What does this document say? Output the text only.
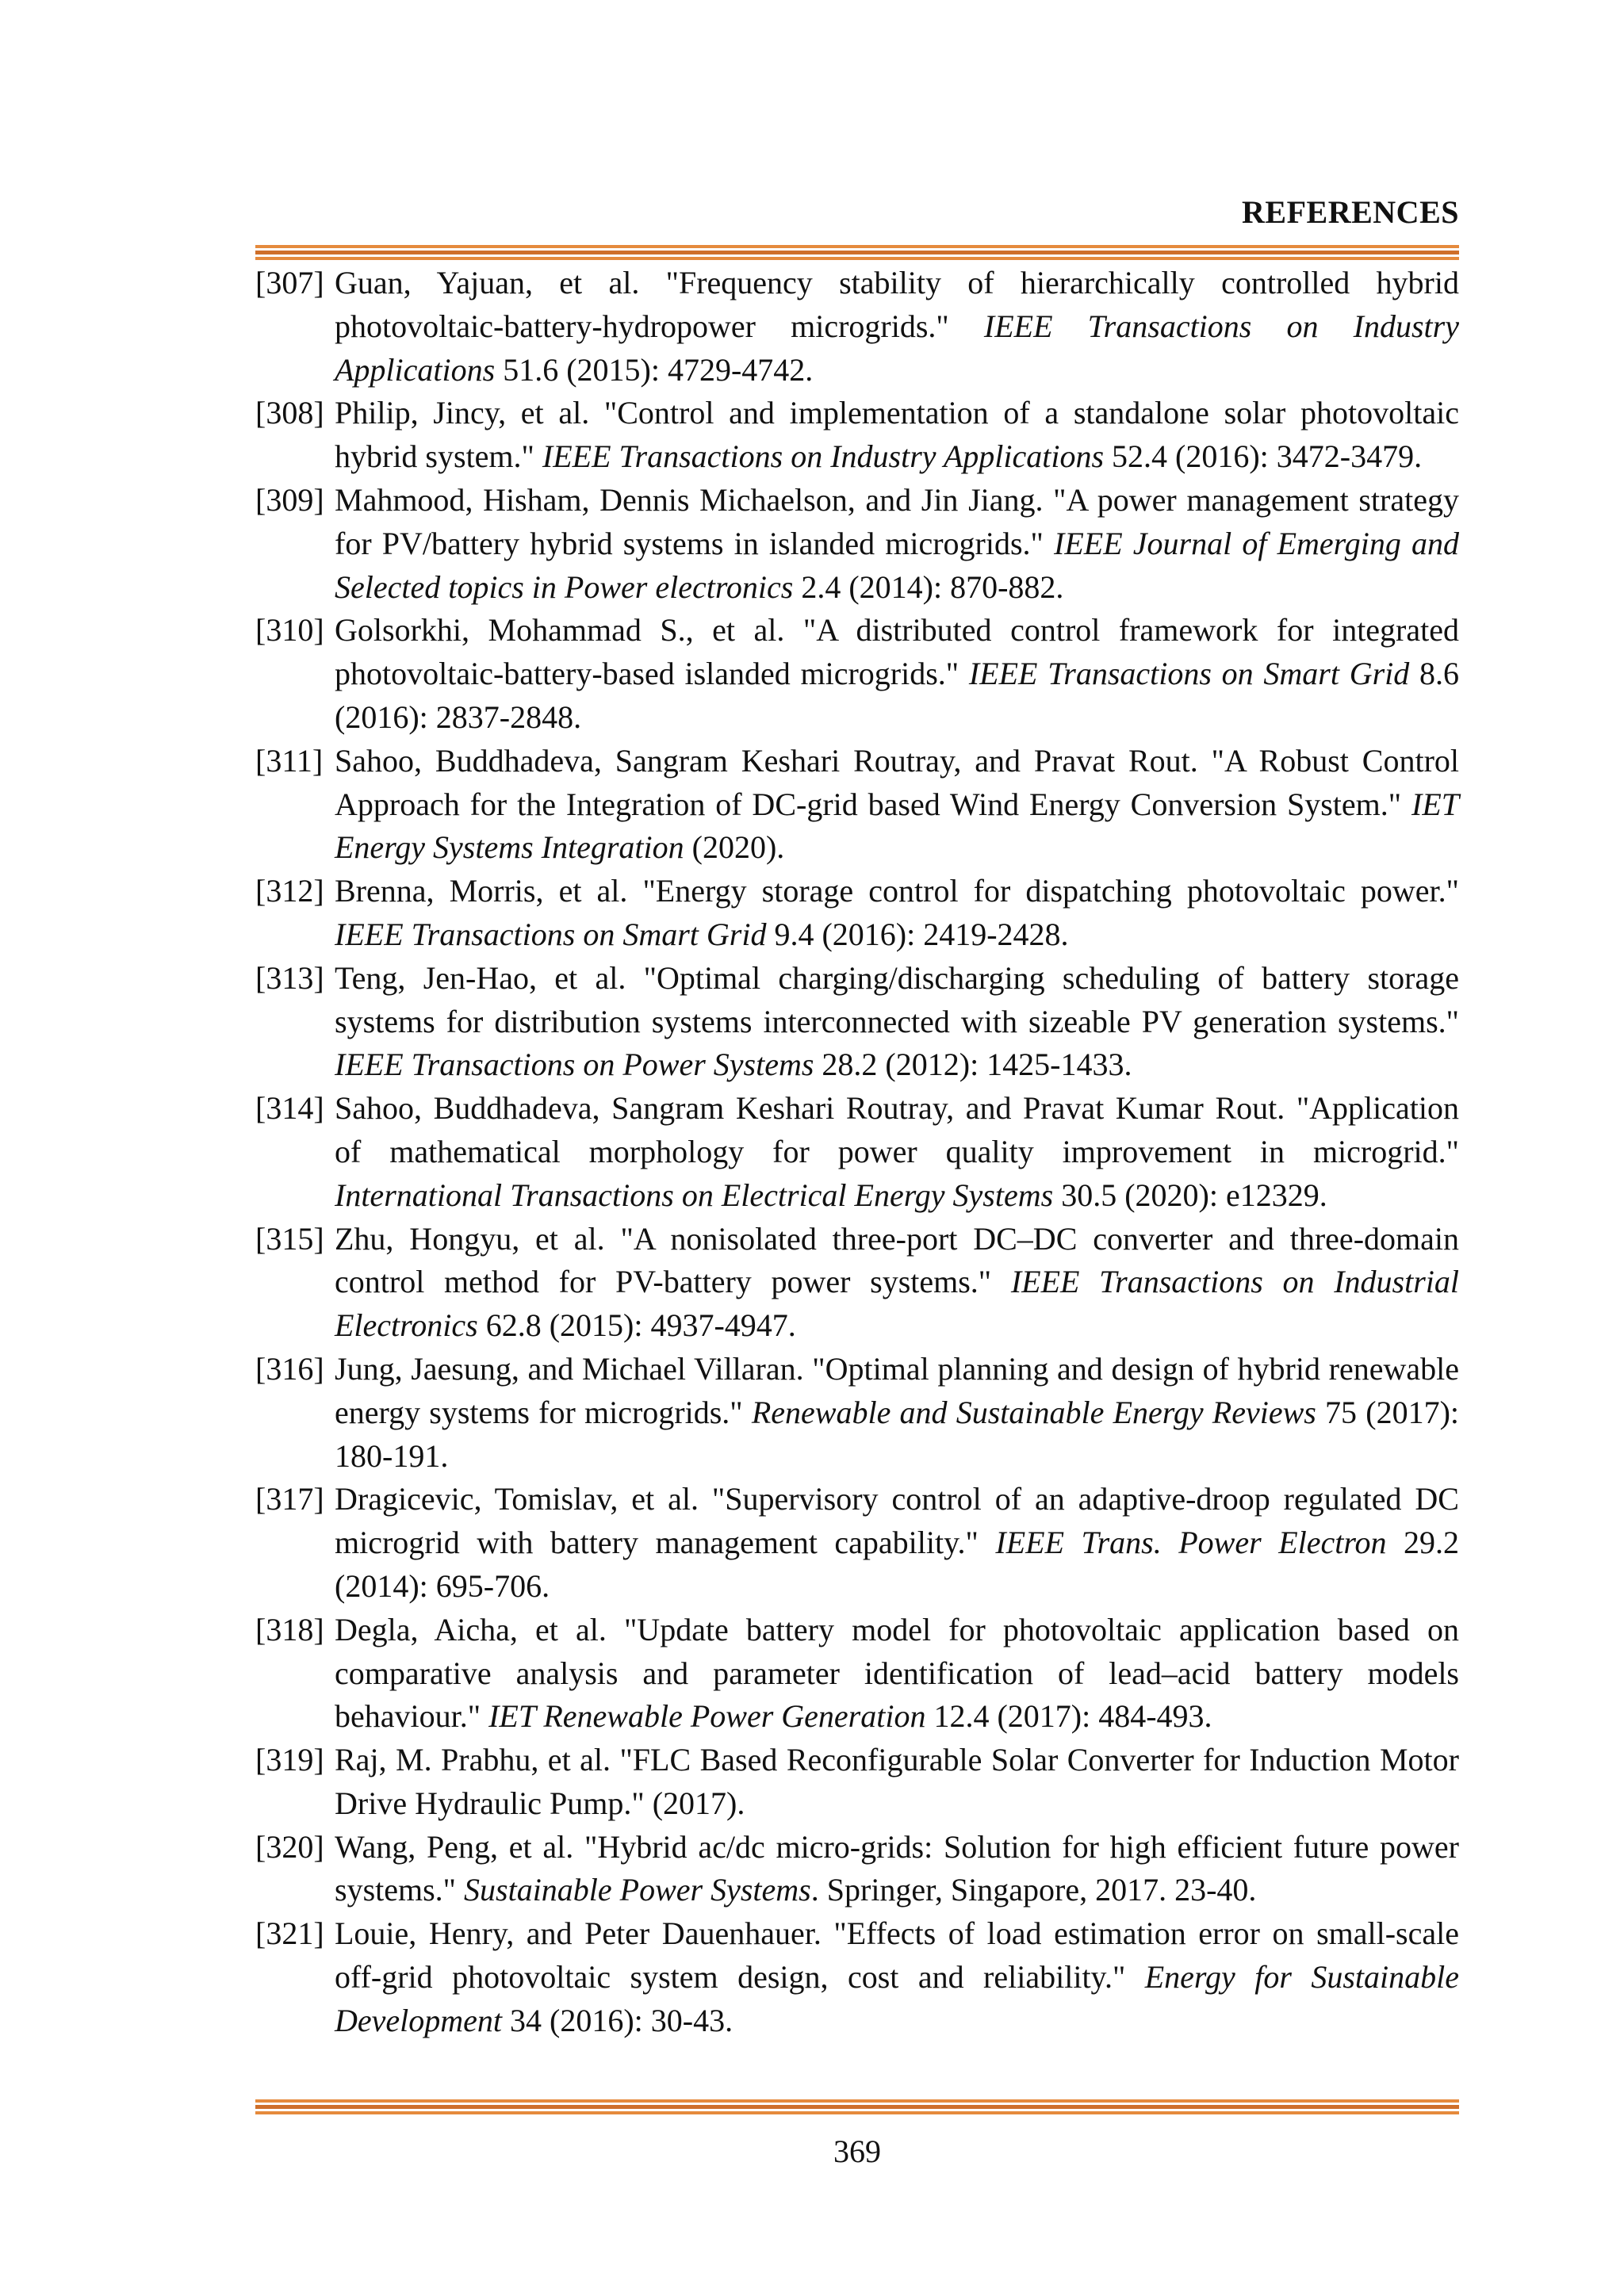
REFERENCES
[307] Guan, Yajuan, et al. "Frequency stability of hierarchically controlled hybrid photovoltaic-battery-hydropower microgrids." IEEE Transactions on Industry Applications 51.6 (2015): 4729-4742.
[308] Philip, Jincy, et al. "Control and implementation of a standalone solar photovoltaic hybrid system." IEEE Transactions on Industry Applications 52.4 (2016): 3472-3479.
[309] Mahmood, Hisham, Dennis Michaelson, and Jin Jiang. "A power management strategy for PV/battery hybrid systems in islanded microgrids." IEEE Journal of Emerging and Selected topics in Power electronics 2.4 (2014): 870-882.
[310] Golsorkhi, Mohammad S., et al. "A distributed control framework for integrated photovoltaic-battery-based islanded microgrids." IEEE Transactions on Smart Grid 8.6 (2016): 2837-2848.
[311] Sahoo, Buddhadeva, Sangram Keshari Routray, and Pravat Rout. "A Robust Control Approach for the Integration of DC-grid based Wind Energy Conversion System." IET Energy Systems Integration (2020).
[312] Brenna, Morris, et al. "Energy storage control for dispatching photovoltaic power." IEEE Transactions on Smart Grid 9.4 (2016): 2419-2428.
[313] Teng, Jen-Hao, et al. "Optimal charging/discharging scheduling of battery storage systems for distribution systems interconnected with sizeable PV generation systems." IEEE Transactions on Power Systems 28.2 (2012): 1425-1433.
[314] Sahoo, Buddhadeva, Sangram Keshari Routray, and Pravat Kumar Rout. "Application of mathematical morphology for power quality improvement in microgrid." International Transactions on Electrical Energy Systems 30.5 (2020): e12329.
[315] Zhu, Hongyu, et al. "A nonisolated three-port DC–DC converter and three-domain control method for PV-battery power systems." IEEE Transactions on Industrial Electronics 62.8 (2015): 4937-4947.
[316] Jung, Jaesung, and Michael Villaran. "Optimal planning and design of hybrid renewable energy systems for microgrids." Renewable and Sustainable Energy Reviews 75 (2017): 180-191.
[317] Dragicevic, Tomislav, et al. "Supervisory control of an adaptive-droop regulated DC microgrid with battery management capability." IEEE Trans. Power Electron 29.2 (2014): 695-706.
[318] Degla, Aicha, et al. "Update battery model for photovoltaic application based on comparative analysis and parameter identification of lead–acid battery models behaviour." IET Renewable Power Generation 12.4 (2017): 484-493.
[319] Raj, M. Prabhu, et al. "FLC Based Reconfigurable Solar Converter for Induction Motor Drive Hydraulic Pump." (2017).
[320] Wang, Peng, et al. "Hybrid ac/dc micro-grids: Solution for high efficient future power systems." Sustainable Power Systems. Springer, Singapore, 2017. 23-40.
[321] Louie, Henry, and Peter Dauenhauer. "Effects of load estimation error on small-scale off-grid photovoltaic system design, cost and reliability." Energy for Sustainable Development 34 (2016): 30-43.
369
